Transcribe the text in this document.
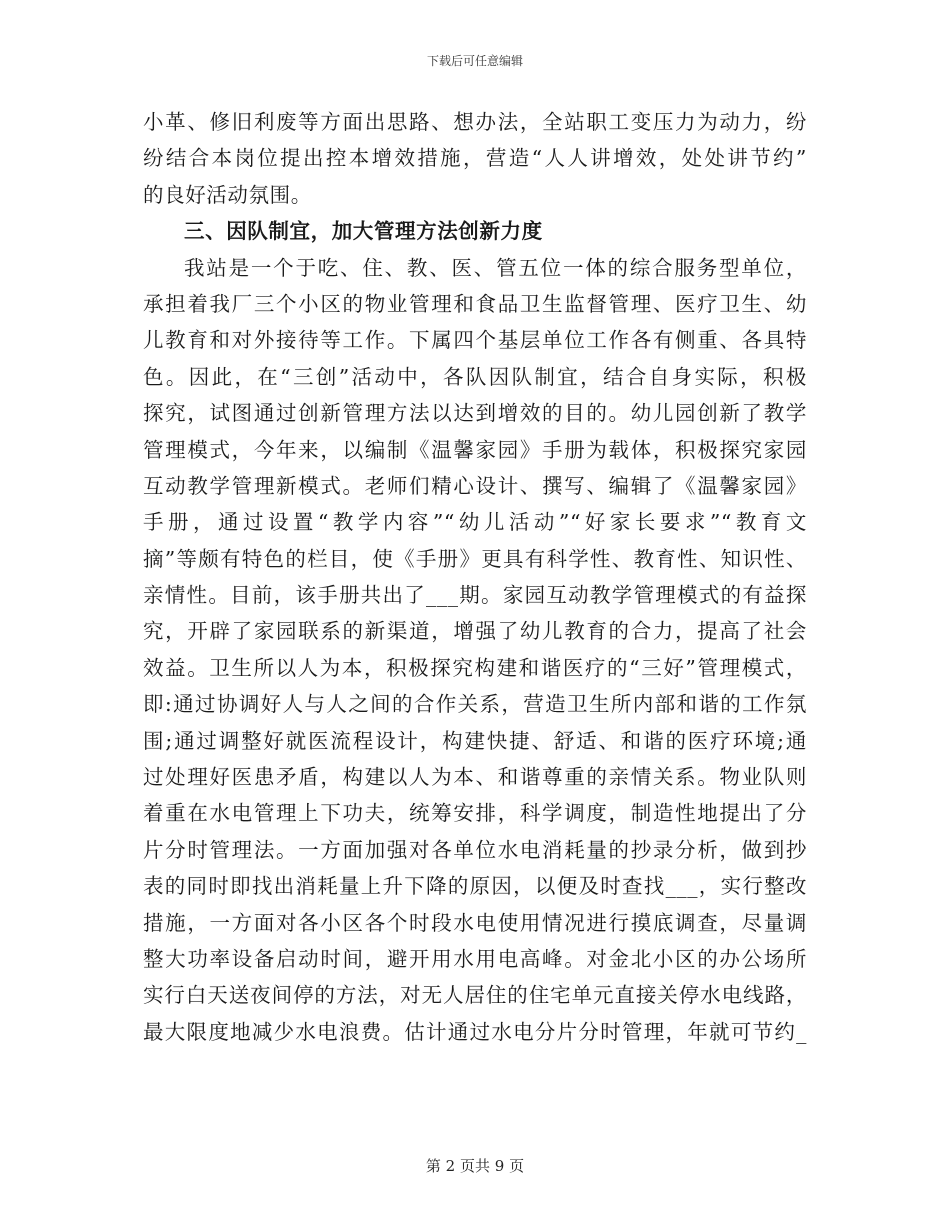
下载后可任意编辑
小革、修旧利废等方面出思路、想办法，全站职工变压力为动力，纷
纷结合本岗位提出控本增效措施，营造“人人讲增效，处处讲节约”
的良好活动氛围。
三、因队制宜，加大管理方法创新力度
我站是一个于吃、住、教、医、管五位一体的综合服务型单位，
承担着我厂三个小区的物业管理和食品卫生监督管理、医疗卫生、幼
儿教育和对外接待等工作。下属四个基层单位工作各有侧重、各具特
色。因此，在“三创”活动中，各队因队制宜，结合自身实际，积极
探究，试图通过创新管理方法以达到增效的目的。幼儿园创新了教学
管理模式，今年来，以编制《温馨家园》手册为载体，积极探究家园
互动教学管理新模式。老师们精心设计、撰写、编辑了《温馨家园》
手册，通过设置“教学内容”“幼儿活动”“好家长要求”“教育文
摘”等颇有特色的栏目，使《手册》更具有科学性、教育性、知识性、
亲情性。目前，该手册共出了___期。家园互动教学管理模式的有益探
究，开辟了家园联系的新渠道，增强了幼儿教育的合力，提高了社会
效益。卫生所以人为本，积极探究构建和谐医疗的“三好”管理模式，
即:通过协调好人与人之间的合作关系，营造卫生所内部和谐的工作氛
围;通过调整好就医流程设计，构建快捷、舒适、和谐的医疗环境;通
过处理好医患矛盾，构建以人为本、和谐尊重的亲情关系。物业队则
着重在水电管理上下功夫，统筹安排，科学调度，制造性地提出了分
片分时管理法。一方面加强对各单位水电消耗量的抄录分析，做到抄
表的同时即找出消耗量上升下降的原因，以便及时查找___，实行整改
措施，一方面对各小区各个时段水电使用情况进行摸底调查，尽量调
整大功率设备启动时间，避开用水用电高峰。对金北小区的办公场所
实行白天送夜间停的方法，对无人居住的住宅单元直接关停水电线路，
最大限度地减少水电浪费。估计通过水电分片分时管理，年就可节约_
第 2 页共 9 页
